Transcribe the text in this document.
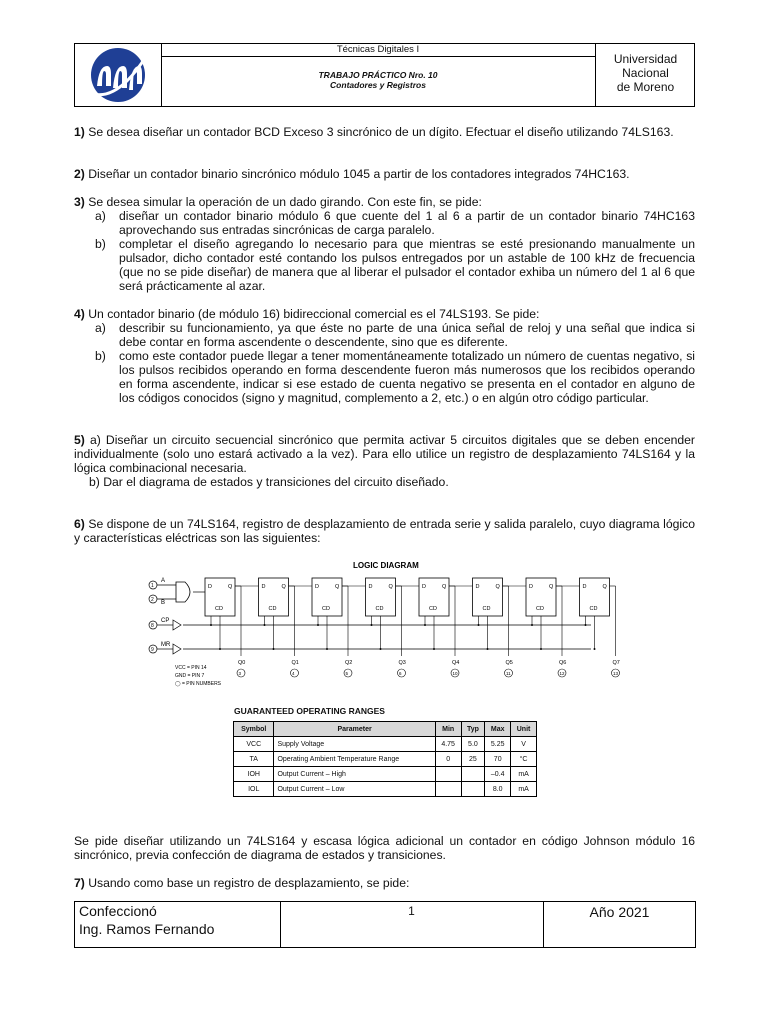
Técnicas Digitales I
TRABAJO PRÁCTICO Nro. 10
Contadores y Registros
Universidad
Nacional
de Moreno
1) Se desea diseñar un contador BCD Exceso 3 sincrónico de un dígito. Efectuar el diseño utilizando 74LS163.
2) Diseñar un contador binario sincrónico módulo 1045 a partir de los contadores integrados 74HC163.
3) Se desea simular la operación de un dado girando. Con este fin, se pide:
a) diseñar un contador binario módulo 6 que cuente del 1 al 6 a partir de un contador binario 74HC163 aprovechando sus entradas sincrónicas de carga paralelo.
b) completar el diseño agregando lo necesario para que mientras se esté presionando manualmente un pulsador, dicho contador esté contando los pulsos entregados por un astable de 100 kHz de frecuencia (que no se pide diseñar) de manera que al liberar el pulsador el contador exhiba un número del 1 al 6 que será prácticamente al azar.
4) Un contador binario (de módulo 16) bidireccional comercial es el 74LS193. Se pide:
a) describir su funcionamiento, ya que éste no parte de una única señal de reloj y una señal que indica si debe contar en forma ascendente o descendente, sino que es diferente.
b) como este contador puede llegar a tener momentáneamente totalizado un número de cuentas negativo, si los pulsos recibidos operando en forma descendente fueron más numerosos que los recibidos operando en forma ascendente, indicar si ese estado de cuenta negativo se presenta en el contador en alguno de los códigos conocidos (signo y magnitud, complemento a 2, etc.) o en algún otro código particular.
5) a) Diseñar un circuito secuencial sincrónico que permita activar 5 circuitos digitales que se deben encender individualmente (solo uno estará activado a la vez). Para ello utilice un registro de desplazamiento 74LS164 y la lógica combinacional necesaria.
b) Dar el diagrama de estados y transiciones del circuito diseñado.
6) Se dispone de un 74LS164, registro de desplazamiento de entrada serie y salida paralelo, cuyo diagrama lógico y características eléctricas son las siguientes:
LOGIC DIAGRAM
1
A
2 B
8
CP
9
MR
D	Q
CD
Q0
3
D	Q
CD
Q1
4
D	Q
CD
Q2
5
D	Q
CD
Q3
6
D	Q
CD
Q4
10
D	Q
CD
Q5
11
D	Q
CD
Q6
12
D	Q
CD
Q7
13
VCC = PIN 14
GND = PIN 7
◯ = PIN NUMBERS
GUARANTEED OPERATING RANGES
Symbol	Parameter	Min	Typ	Max	Unit
VCC	Supply Voltage	4.75	5.0	5.25	V
TA	Operating Ambient Temperature Range	0	25	70	°C
IOH	Output Current – High			–0.4	mA
IOL	Output Current – Low			8.0	mA
Se pide diseñar utilizando un 74LS164 y escasa lógica adicional un contador en código Johnson módulo 16 sincrónico, previa confección de diagrama de estados y transiciones.
7) Usando como base un registro de desplazamiento, se pide:
Confeccionó
Ing. Ramos Fernando
1	Año 2021
